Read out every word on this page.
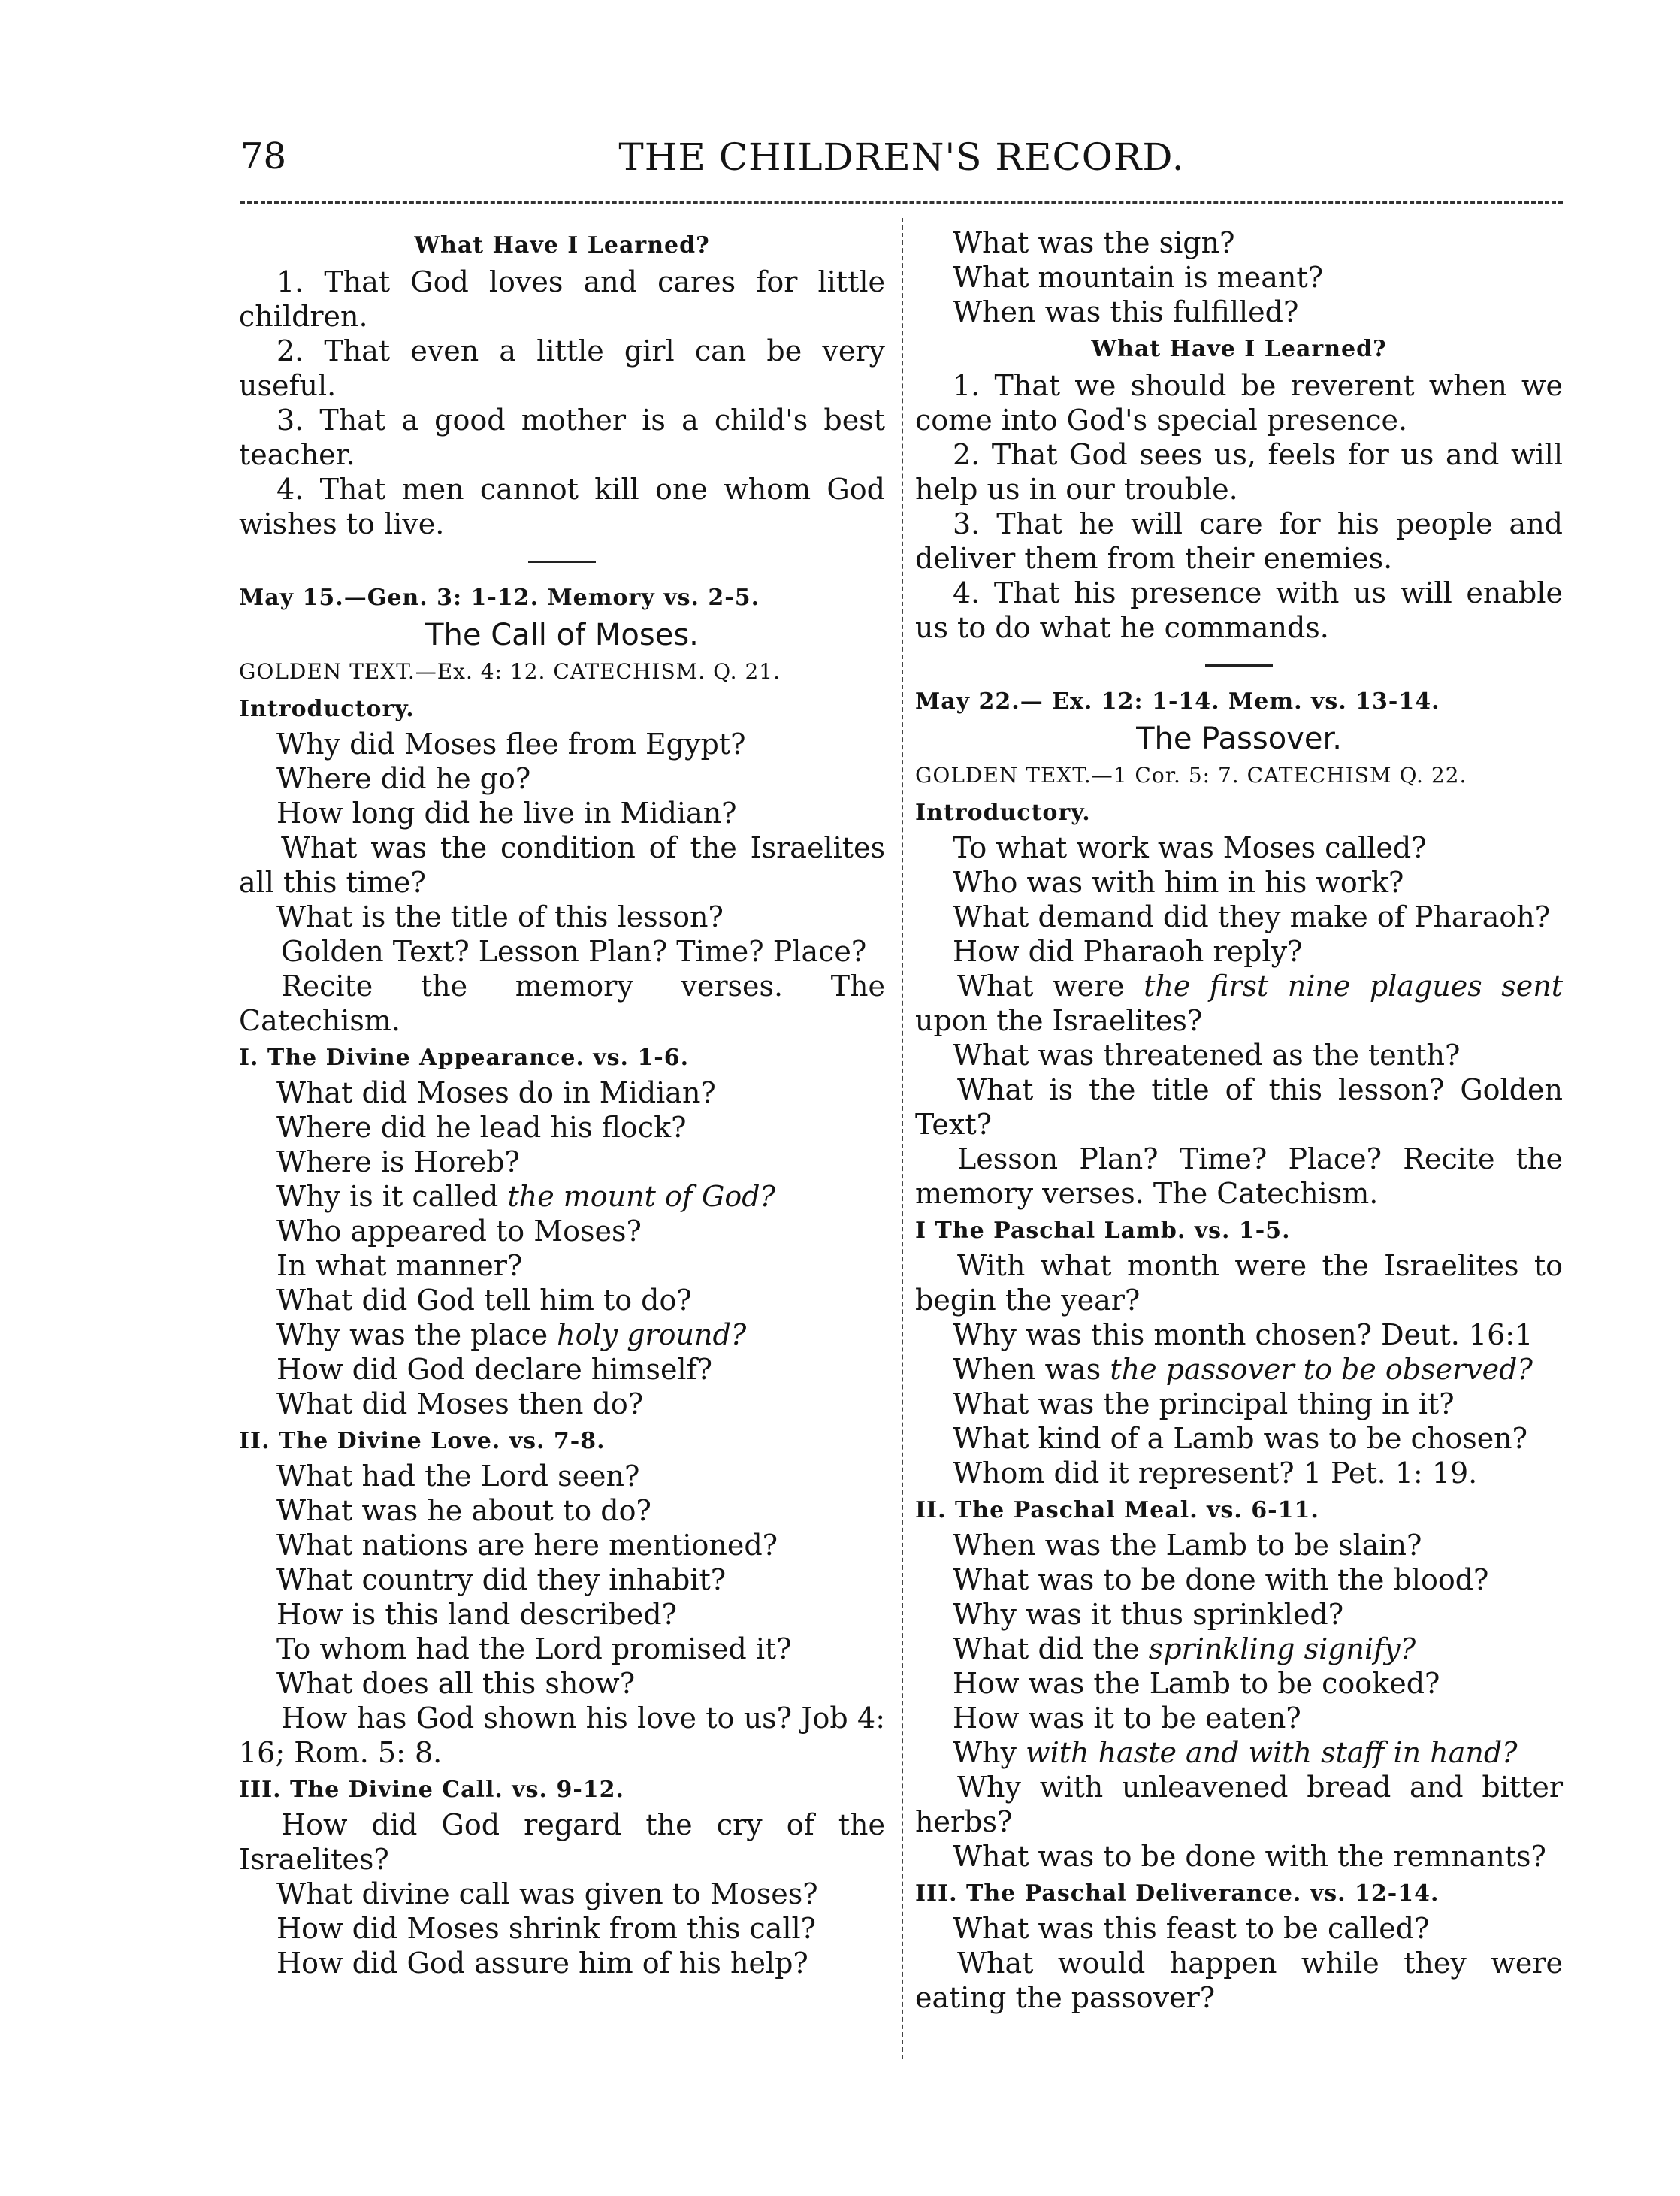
78	THE CHILDREN'S RECORD.

What Have I Learned?

1. That God loves and cares for little children.

2. That even a little girl can be very useful.

3. That a good mother is a child's best teacher.

4. That men cannot kill one whom God wishes to live.

May 15.—Gen. 3: 1-12. Memory vs. 2-5.

The Call of Moses.

GOLDEN TEXT.—Ex. 4: 12. CATECHISM. Q. 21.

Introductory.

Why did Moses flee from Egypt?

Where did he go?

How long did he live in Midian?

What was the condition of the Israelites all this time?

What is the title of this lesson?

Golden Text? Lesson Plan? Time? Place?

Recite the memory verses. The Catechism.

I. The Divine Appearance. vs. 1-6.

What did Moses do in Midian?

Where did he lead his flock?

Where is Horeb?

Why is it called the mount of God?

Who appeared to Moses?

In what manner?

What did God tell him to do?

Why was the place holy ground?

How did God declare himself?

What did Moses then do?

II. The Divine Love. vs. 7-8.

What had the Lord seen?

What was he about to do?

What nations are here mentioned?

What country did they inhabit?

How is this land described?

To whom had the Lord promised it?

What does all this show?

How has God shown his love to us? Job 4: 16; Rom. 5: 8.

III. The Divine Call. vs. 9-12.

How did God regard the cry of the Israelites?

What divine call was given to Moses?

How did Moses shrink from this call?

How did God assure him of his help?

What was the sign?

What mountain is meant?

When was this fulfilled?

What Have I Learned?

1. That we should be reverent when we come into God's special presence.

2. That God sees us, feels for us and will help us in our trouble.

3. That he will care for his people and deliver them from their enemies.

4. That his presence with us will enable us to do what he commands.

May 22.— Ex. 12: 1-14. Mem. vs. 13-14.

The Passover.

GOLDEN TEXT.—1 Cor. 5: 7. CATECHISM Q. 22.

Introductory.

To what work was Moses called?

Who was with him in his work?

What demand did they make of Pharaoh?

How did Pharaoh reply?

What were the first nine plagues sent upon the Israelites?

What was threatened as the tenth?

What is the title of this lesson? Golden Text?

Lesson Plan? Time? Place? Recite the memory verses. The Catechism.

I The Paschal Lamb. vs. 1-5.

With what month were the Israelites to begin the year?

Why was this month chosen? Deut. 16:1

When was the passover to be observed?

What was the principal thing in it?

What kind of a Lamb was to be chosen?

Whom did it represent? 1 Pet. 1: 19.

II. The Paschal Meal. vs. 6-11.

When was the Lamb to be slain?

What was to be done with the blood?

Why was it thus sprinkled?

What did the sprinkling signify?

How was the Lamb to be cooked?

How was it to be eaten?

Why with haste and with staff in hand?

Why with unleavened bread and bitter herbs?

What was to be done with the remnants?

III. The Paschal Deliverance. vs. 12-14.

What was this feast to be called?

What would happen while they were eating the passover?
